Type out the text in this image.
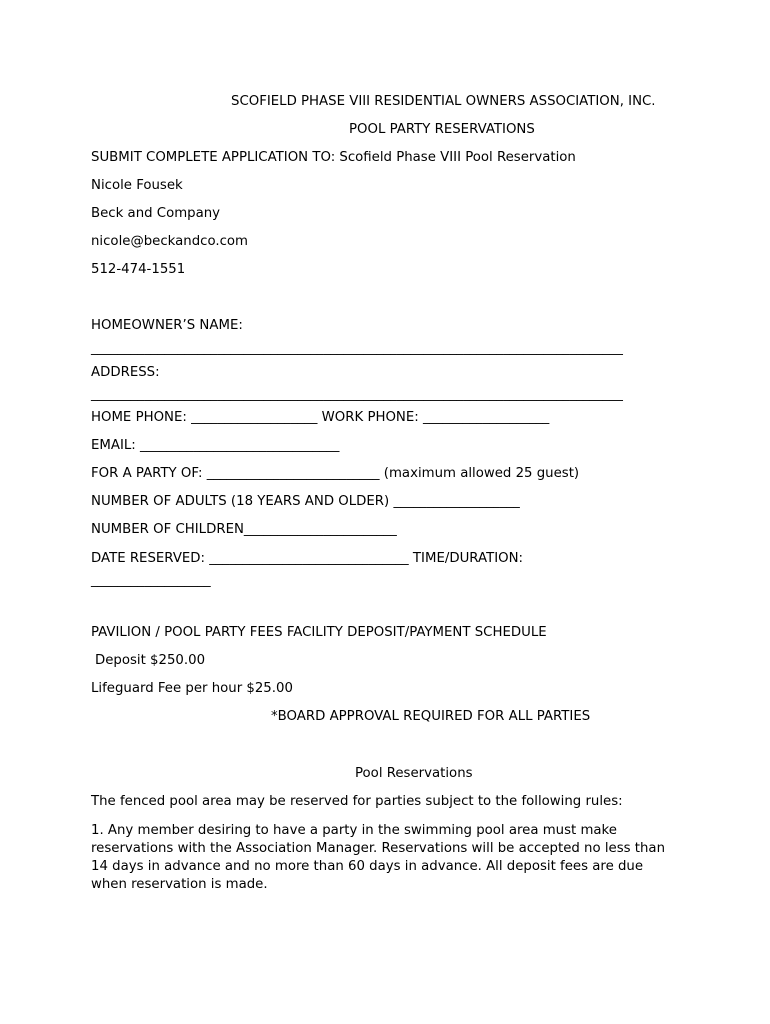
SCOFIELD PHASE VIII RESIDENTIAL OWNERS ASSOCIATION, INC.
POOL PARTY RESERVATIONS
SUBMIT COMPLETE APPLICATION TO: Scofield Phase VIII Pool Reservation
Nicole Fousek
Beck and Company
nicole@beckandco.com
512-474-1551
HOMEOWNER’S NAME:
________________________________________________________________________________
ADDRESS:
________________________________________________________________________________
HOME PHONE: ___________________ WORK PHONE: ___________________
EMAIL: ______________________________
FOR A PARTY OF: __________________________ (maximum allowed 25 guest)
NUMBER OF ADULTS (18 YEARS AND OLDER) ___________________
NUMBER OF CHILDREN_______________________
DATE RESERVED: ______________________________ TIME/DURATION:
__________________
PAVILION / POOL PARTY FEES FACILITY DEPOSIT/PAYMENT SCHEDULE
Deposit $250.00
Lifeguard Fee per hour $25.00
*BOARD APPROVAL REQUIRED FOR ALL PARTIES
Pool Reservations
The fenced pool area may be reserved for parties subject to the following rules:
1. Any member desiring to have a party in the swimming pool area must make reservations with the Association Manager. Reservations will be accepted no less than 14 days in advance and no more than 60 days in advance. All deposit fees are due when reservation is made.
